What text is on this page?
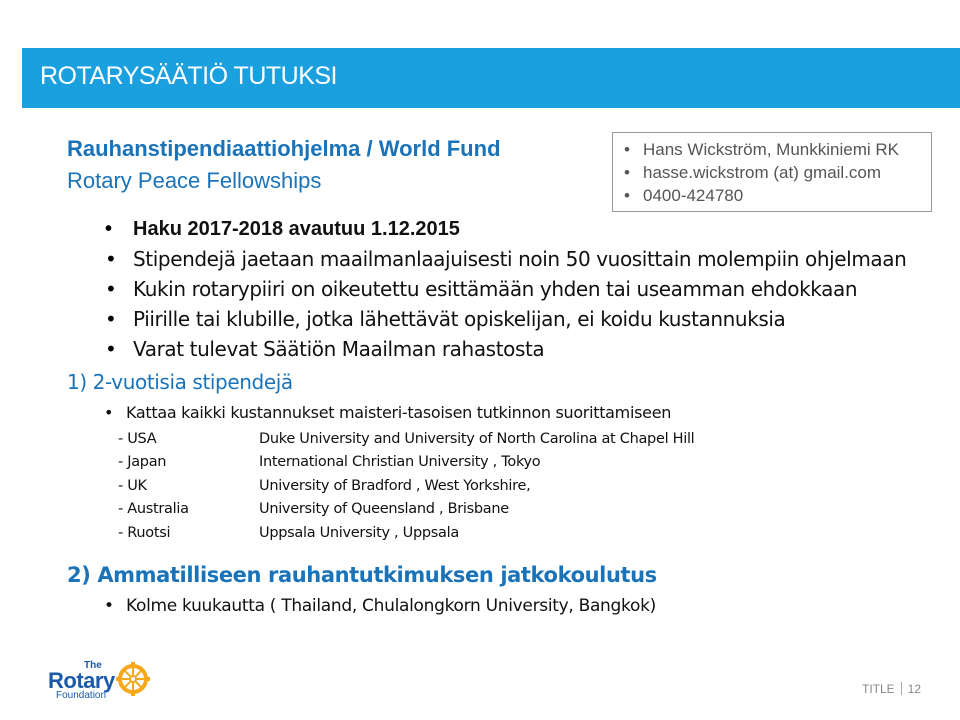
ROTARYSÄÄTIÖ TUTUKSI
Rauhanstipendiaattiohjelma / World Fund
Rotary Peace Fellowships
• Hans Wickström, Munkkiniemi RK
• hasse.wickstrom (at) gmail.com
• 0400-424780
• Haku 2017-2018 avautuu 1.12.2015
• Stipendejä jaetaan maailmanlaajuisesti noin 50 vuosittain molempiin ohjelmaan
• Kukin rotarypiiri on oikeutettu esittämään yhden tai useamman ehdokkaan
• Piirille tai klubille, jotka lähettävät opiskelijan, ei koidu kustannuksia
• Varat tulevat Säätiön Maailman rahastosta
1) 2-vuotisia stipendejä
• Kattaa kaikki kustannukset maisteri-tasoisen tutkinnon suorittamiseen
- USA	Duke University and University of North Carolina at Chapel Hill
- Japan	International Christian University , Tokyo
- UK	University of Bradford , West Yorkshire,
- Australia	University of Queensland , Brisbane
- Ruotsi	Uppsala University , Uppsala
2) Ammatilliseen rauhantutkimuksen jatkokoulutus
• Kolme kuukautta ( Thailand, Chulalongkorn University, Bangkok)
The
Rotary
Foundation	TITLE 12
